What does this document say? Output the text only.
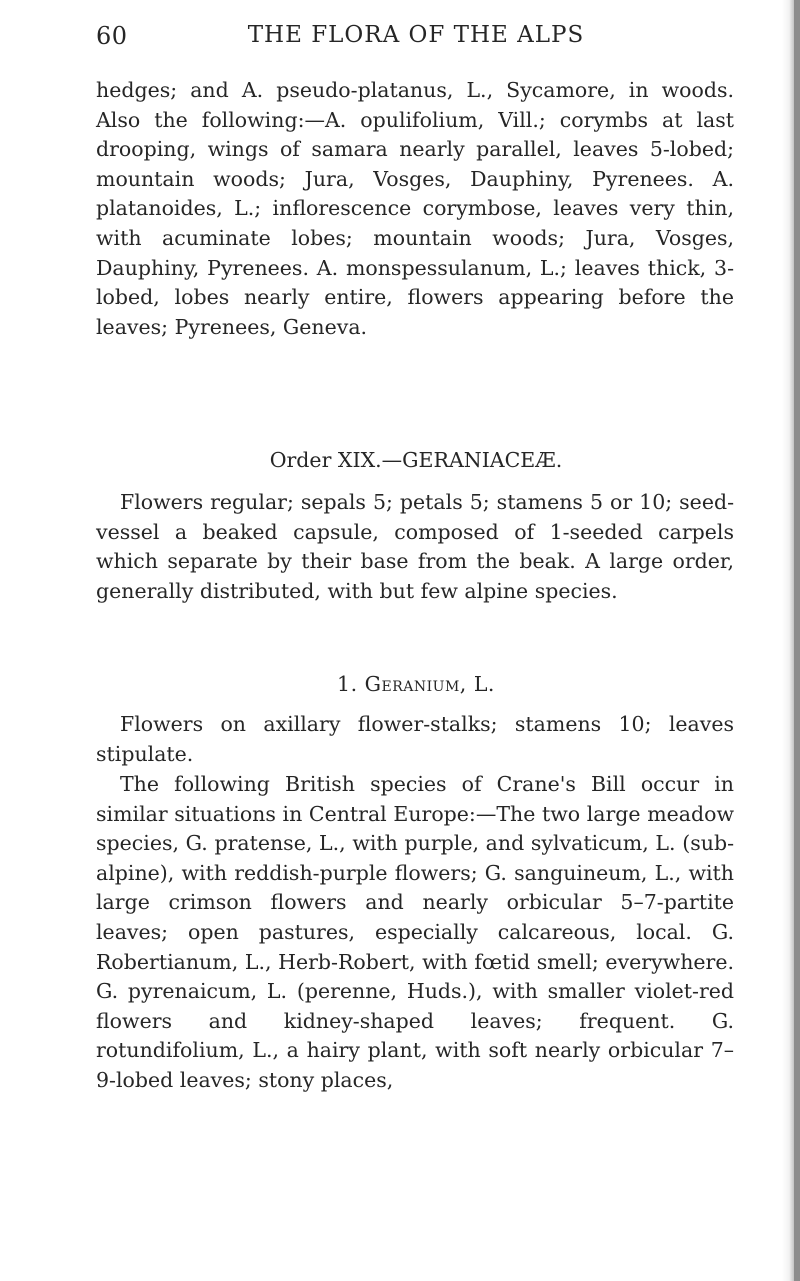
60	THE FLORA OF THE ALPS
hedges; and A. pseudo-platanus, L., Sycamore, in woods. Also the following:—A. opulifolium, Vill.; corymbs at last drooping, wings of samara nearly parallel, leaves 5-lobed; mountain woods; Jura, Vosges, Dauphiny, Pyrenees. A. platanoides, L.; inflorescence corymbose, leaves very thin, with acuminate lobes; mountain woods; Jura, Vosges, Dauphiny, Pyrenees. A. monspessulanum, L.; leaves thick, 3-lobed, lobes nearly entire, flowers appearing before the leaves; Pyrenees, Geneva.
Order XIX.—GERANIACEÆ.
Flowers regular; sepals 5; petals 5; stamens 5 or 10; seed-vessel a beaked capsule, composed of 1-seeded carpels which separate by their base from the beak. A large order, generally distributed, with but few alpine species.
1. Geranium, L.
Flowers on axillary flower-stalks; stamens 10; leaves stipulate.
The following British species of Crane's Bill occur in similar situations in Central Europe:—The two large meadow species, G. pratense, L., with purple, and sylvaticum, L. (sub-alpine), with reddish-purple flowers; G. sanguineum, L., with large crimson flowers and nearly orbicular 5–7-partite leaves; open pastures, especially calcareous, local. G. Robertianum, L., Herb-Robert, with fœtid smell; everywhere. G. pyrenaicum, L. (perenne, Huds.), with smaller violet-red flowers and kidney-shaped leaves; frequent. G. rotundifolium, L., a hairy plant, with soft nearly orbicular 7–9-lobed leaves; stony places,
